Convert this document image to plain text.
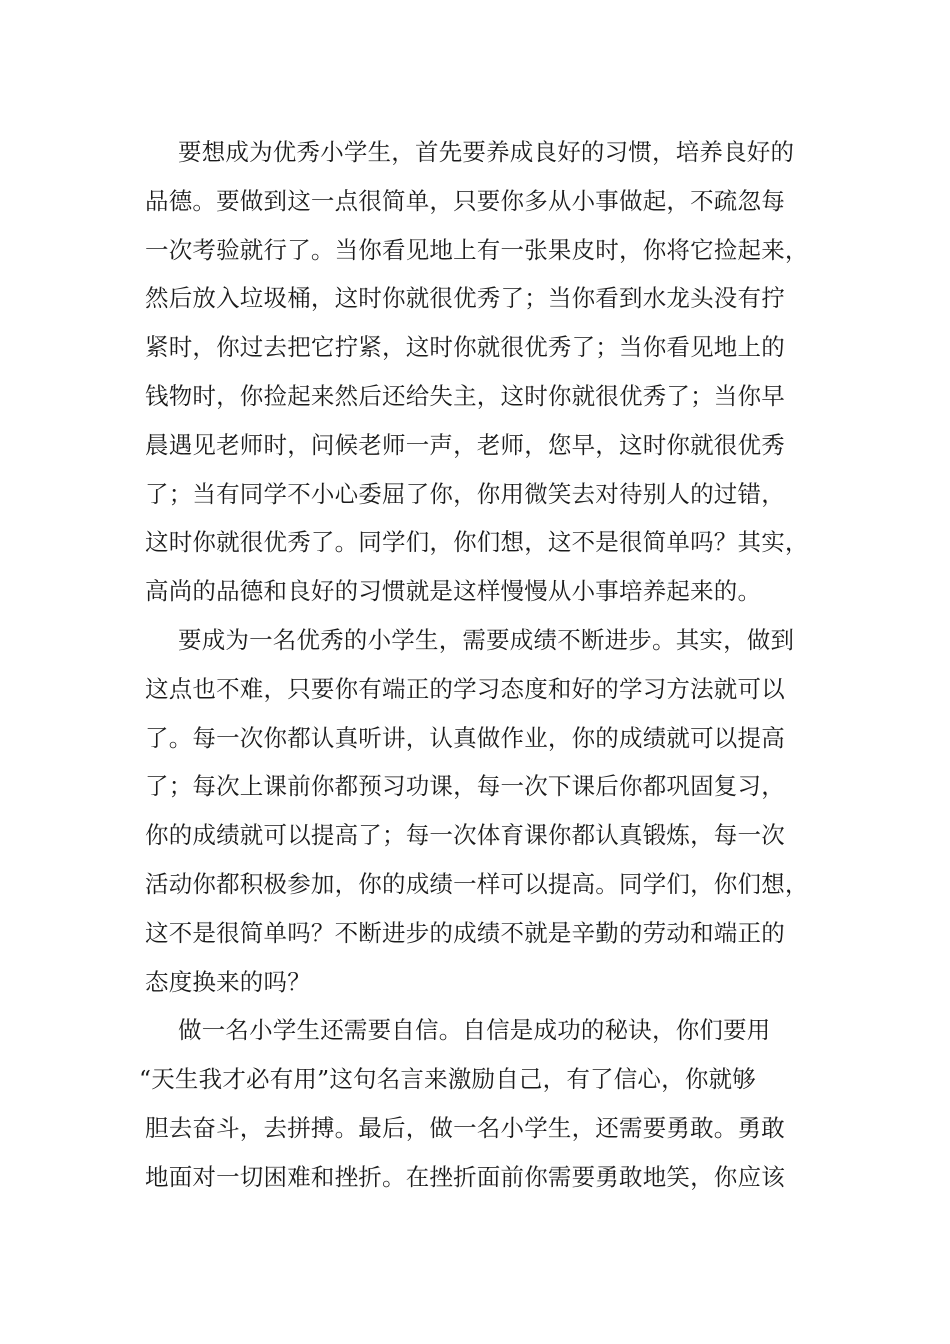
要想成为优秀小学生，首先要养成良好的习惯，培养良好的
品德。要做到这一点很简单，只要你多从小事做起，不疏忽每
一次考验就行了。当你看见地上有一张果皮时，你将它捡起来，
然后放入垃圾桶，这时你就很优秀了；当你看到水龙头没有拧
紧时，你过去把它拧紧，这时你就很优秀了；当你看见地上的
钱物时，你捡起来然后还给失主，这时你就很优秀了；当你早
晨遇见老师时，问候老师一声，老师，您早，这时你就很优秀
了；当有同学不小心委屈了你，你用微笑去对待别人的过错，
这时你就很优秀了。同学们，你们想，这不是很简单吗？其实，
高尚的品德和良好的习惯就是这样慢慢从小事培养起来的。
要成为一名优秀的小学生，需要成绩不断进步。其实，做到
这点也不难，只要你有端正的学习态度和好的学习方法就可以
了。每一次你都认真听讲，认真做作业，你的成绩就可以提高
了；每次上课前你都预习功课，每一次下课后你都巩固复习，
你的成绩就可以提高了；每一次体育课你都认真锻炼，每一次
活动你都积极参加，你的成绩一样可以提高。同学们，你们想，
这不是很简单吗？不断进步的成绩不就是辛勤的劳动和端正的
态度换来的吗？
做一名小学生还需要自信。自信是成功的秘诀，你们要用
“天生我才必有用”这句名言来激励自己，有了信心，你就够
胆去奋斗，去拼搏。最后，做一名小学生，还需要勇敢。勇敢
地面对一切困难和挫折。在挫折面前你需要勇敢地笑，你应该
